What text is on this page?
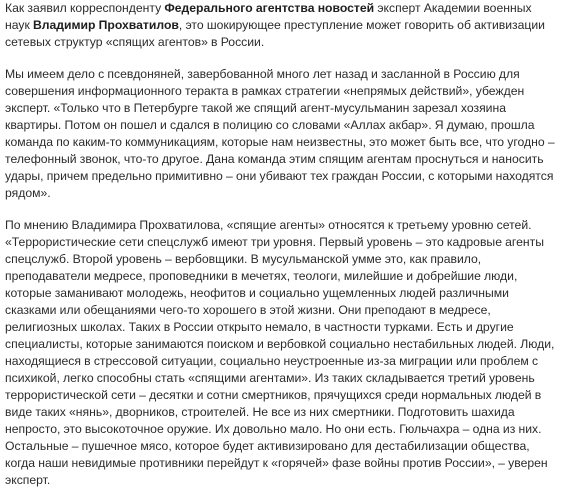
Как заявил корреспонденту Федерального агентства новостей эксперт Академии военных наук Владимир Прохватилов, это шокирующее преступление может говорить об активизации сетевых структур «спящих агентов» в России.

Мы имеем дело с псевдоняней, завербованной много лет назад и засланной в Россию для совершения информационного теракта в рамках стратегии «непрямых действий», убежден эксперт. «Только что в Петербурге такой же спящий агент-мусульманин зарезал хозяина квартиры. Потом он пошел и сдался в полицию со словами «Аллах акбар». Я думаю, прошла команда по каким-то коммуникациям, которые нам неизвестны, это может быть все, что угодно – телефонный звонок, что-то другое. Дана команда этим спящим агентам проснуться и наносить удары, причем предельно примитивно – они убивают тех граждан России, с которыми находятся рядом».

По мнению Владимира Прохватилова, «спящие агенты» относятся к третьему уровню сетей. «Террористические сети спецслужб имеют три уровня. Первый уровень – это кадровые агенты спецслужб. Второй уровень – вербовщики. В мусульманской умме это, как правило, преподаватели медресе, проповедники в мечетях, теологи, милейшие и добрейшие люди, которые заманивают молодежь, неофитов и социально ущемленных людей различными сказками или обещаниями чего-то хорошего в этой жизни. Они преподают в медресе, религиозных школах. Таких в России открыто немало, в частности турками. Есть и другие специалисты, которые занимаются поиском и вербовкой социально нестабильных людей. Люди, находящиеся в стрессовой ситуации, социально неустроенные из-за миграции или проблем с психикой, легко способны стать «спящими агентами». Из таких складывается третий уровень террористической сети – десятки и сотни смертников, прячущихся среди нормальных людей в виде таких «нянь», дворников, строителей. Не все из них смертники. Подготовить шахида непросто, это высокоточное оружие. Их довольно мало. Но они есть. Гюльчахра – одна из них. Остальные – пушечное мясо, которое будет активизировано для дестабилизации общества, когда наши невидимые противники перейдут к «горячей» фазе войны против России», – уверен эксперт.
